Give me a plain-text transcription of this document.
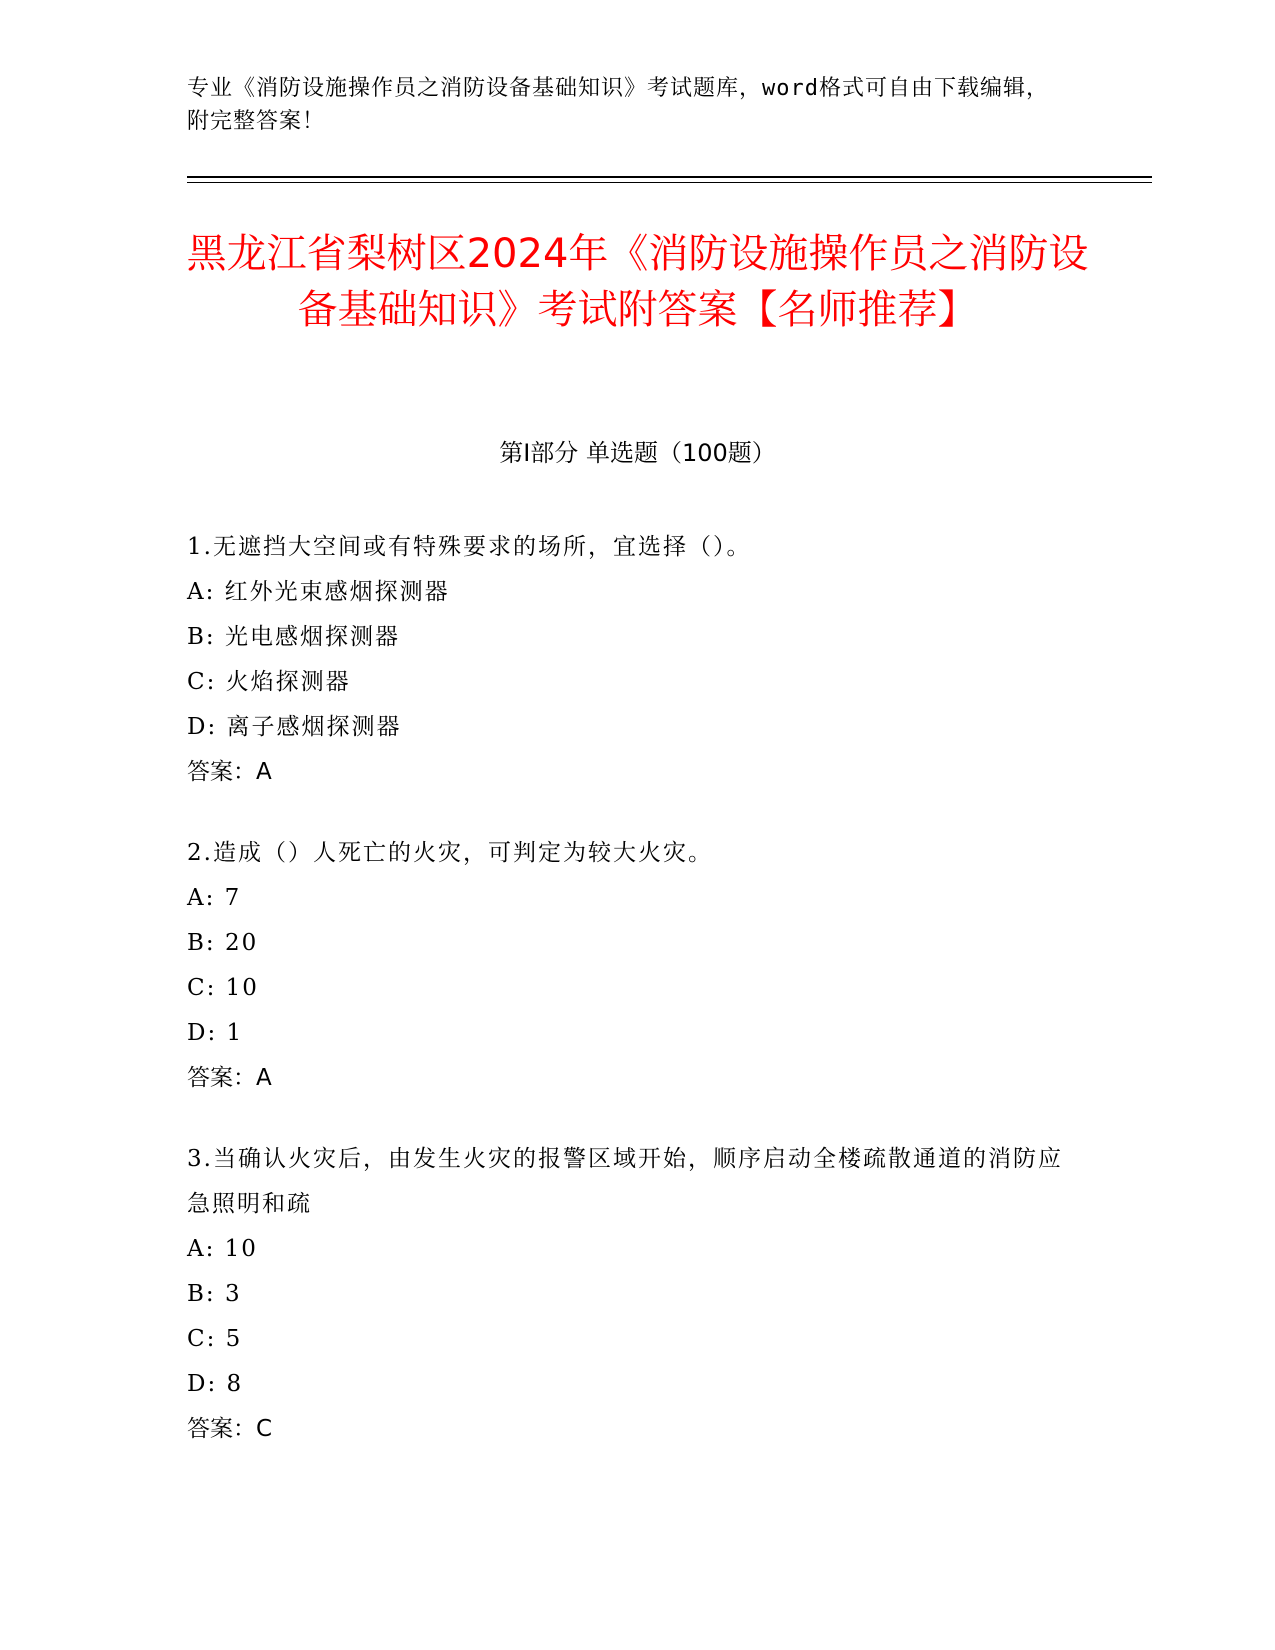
专业《消防设施操作员之消防设备基础知识》考试题库，word格式可自由下载编辑，附完整答案！
黑龙江省梨树区2024年《消防设施操作员之消防设备基础知识》考试附答案【名师推荐】
第Ⅰ部分 单选题（100题）

1.无遮挡大空间或有特殊要求的场所，宜选择（）。

A: 红外光束感烟探测器

B: 光电感烟探测器

C: 火焰探测器

D: 离子感烟探测器

答案：A

2.造成（）人死亡的火灾，可判定为较大火灾。

A: 7

B: 20

C: 10

D: 1

答案：A

3.当确认火灾后，由发生火灾的报警区域开始，顺序启动全楼疏散通道的消防应急照明和疏

A: 10

B: 3

C: 5

D: 8

答案：C
